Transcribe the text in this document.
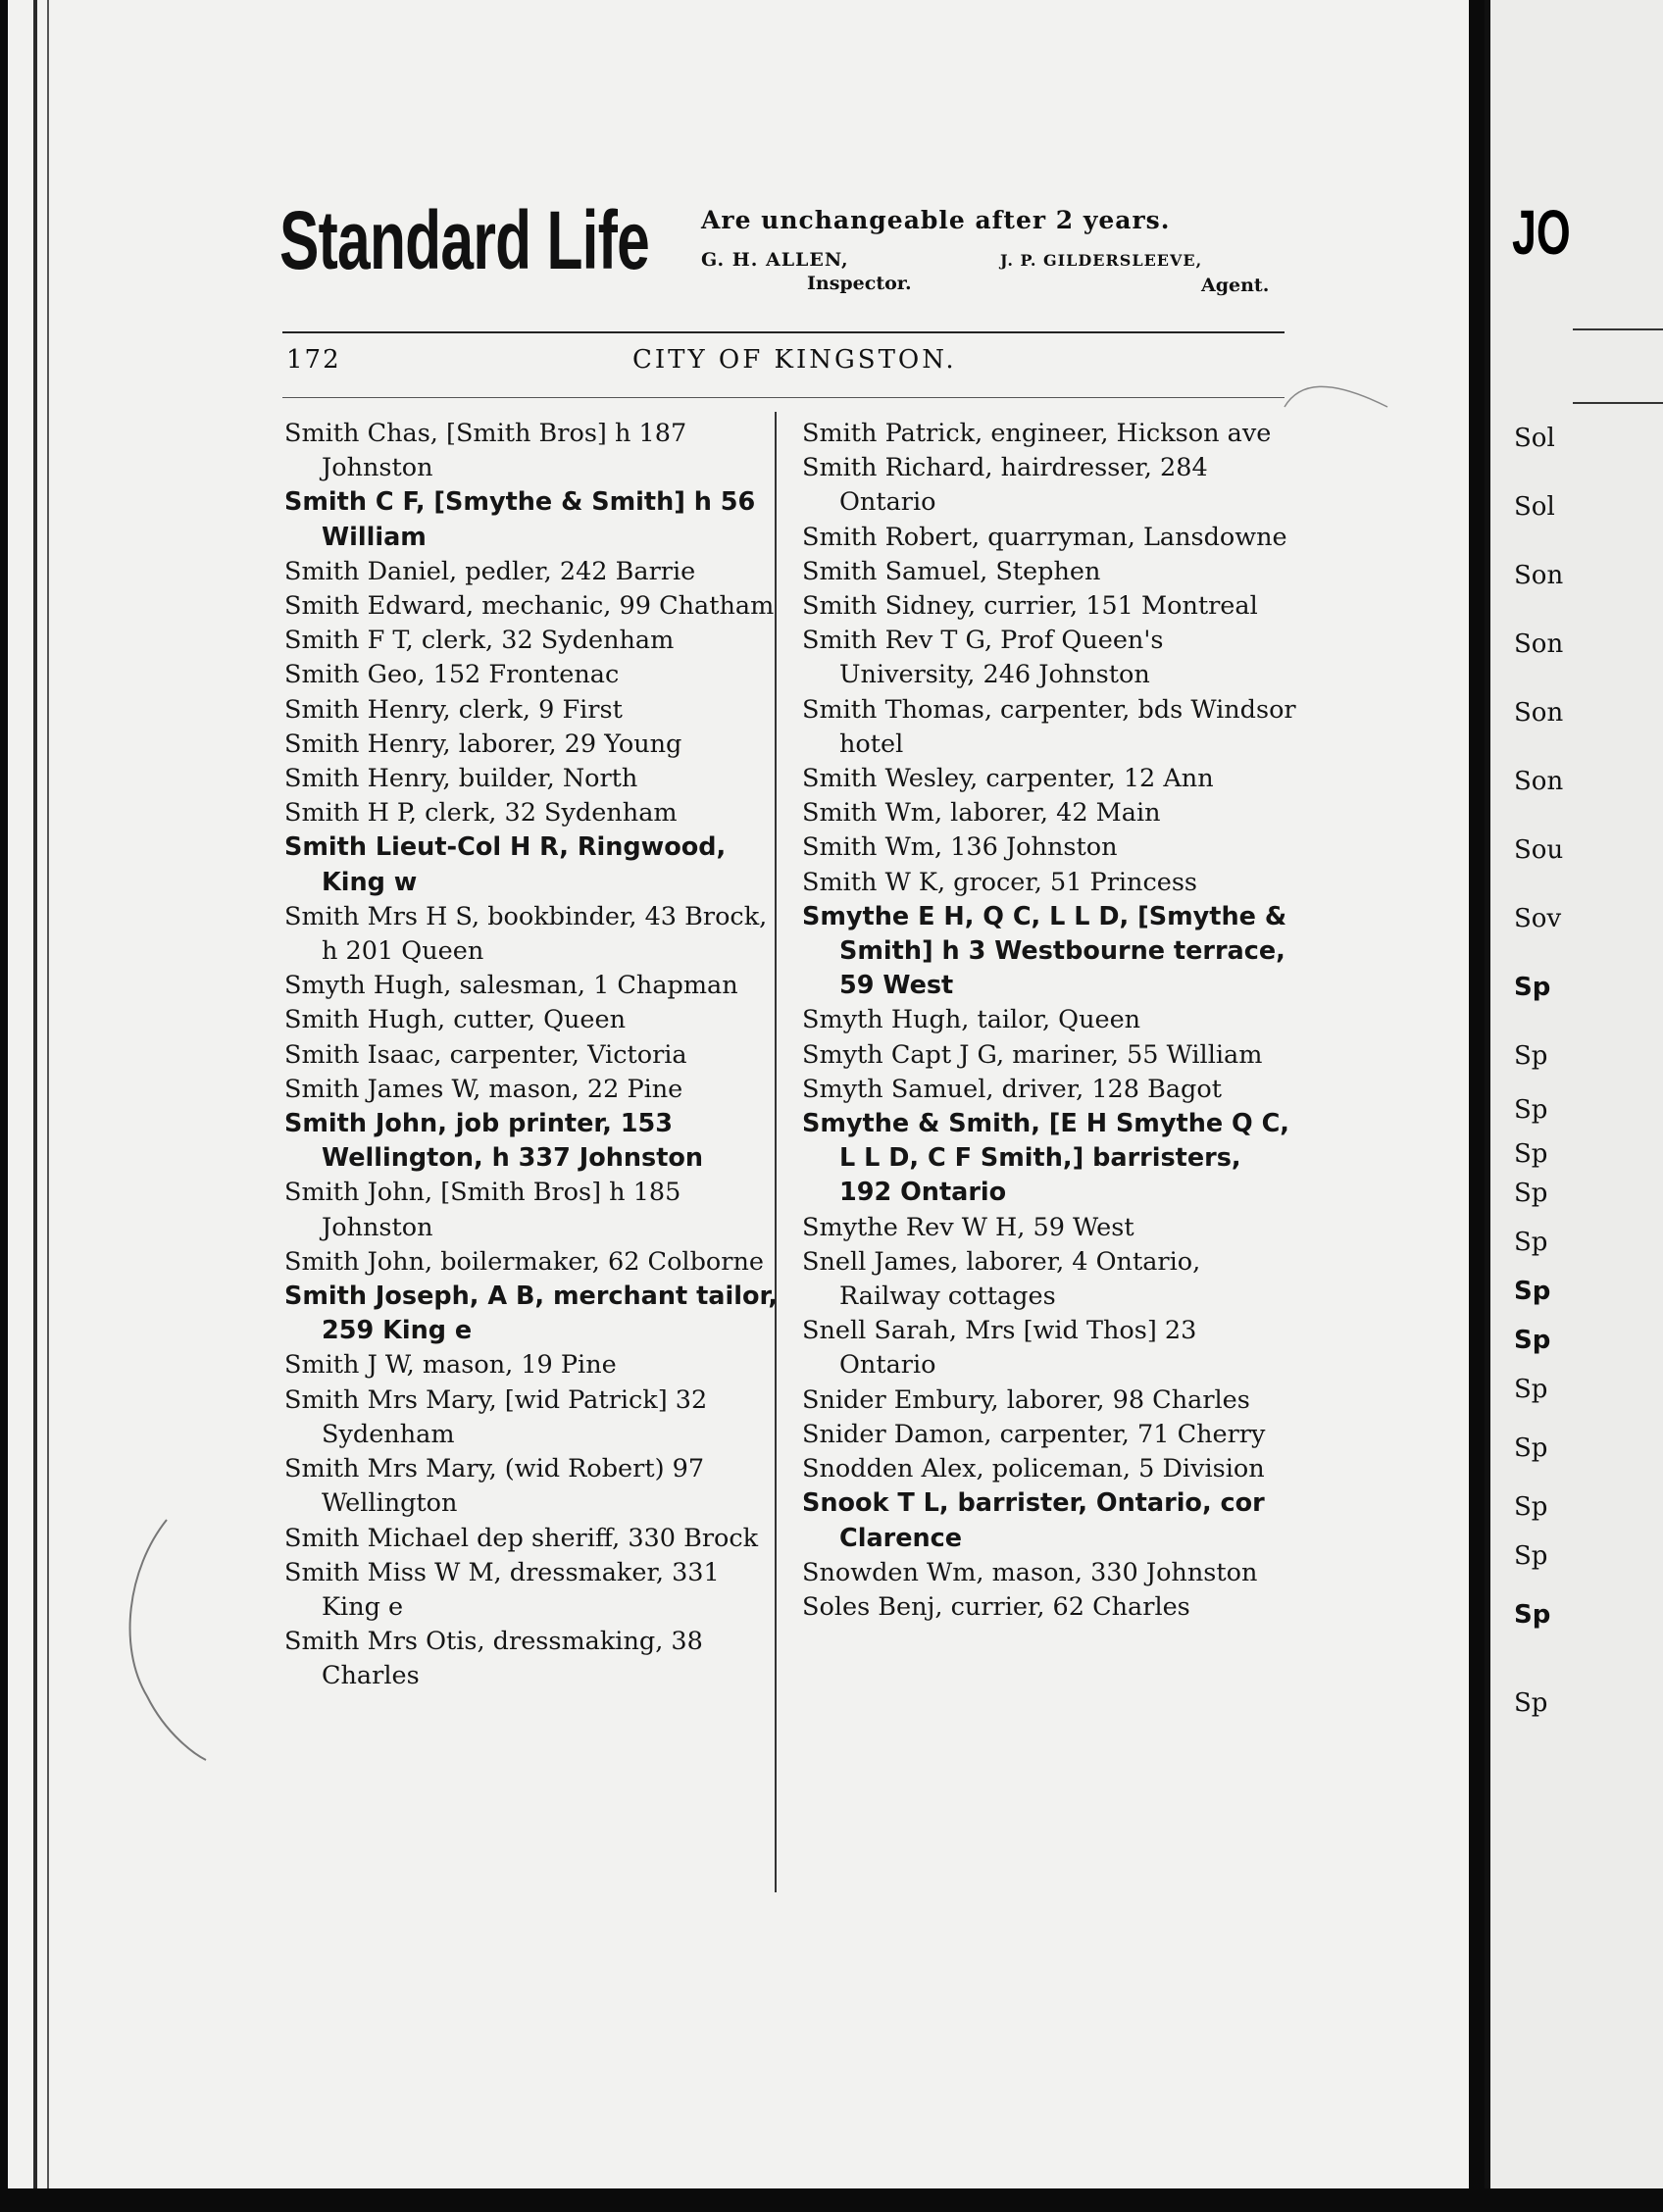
Standard Life Are unchangeable after 2 years.
G. H. ALLEN,
Inspector.
J. P. GILDERSLEEVE,
Agent.
172	CITY OF KINGSTON.

Smith Chas, [Smith Bros] h 187 Johnston

Smith C F, [Smythe & Smith] h 56 William

Smith Daniel, pedler, 242 Barrie

Smith Edward, mechanic, 99 Chatham

Smith F T, clerk, 32 Sydenham

Smith Geo, 152 Frontenac

Smith Henry, clerk, 9 First

Smith Henry, laborer, 29 Young

Smith Henry, builder, North

Smith H P, clerk, 32 Sydenham

Smith Lieut-Col H R, Ringwood, King w

Smith Mrs H S, bookbinder, 43 Brock, h 201 Queen

Smyth Hugh, salesman, 1 Chapman

Smith Hugh, cutter, Queen

Smith Isaac, carpenter, Victoria

Smith James W, mason, 22 Pine

Smith John, job printer, 153 Wellington, h 337 Johnston

Smith John, [Smith Bros] h 185 Johnston

Smith John, boilermaker, 62 Colborne

Smith Joseph, A B, merchant tailor, 259 King e

Smith J W, mason, 19 Pine

Smith Mrs Mary, [wid Patrick] 32 Sydenham

Smith Mrs Mary, (wid Robert) 97 Wellington

Smith Michael dep sheriff, 330 Brock

Smith Miss W M, dressmaker, 331 King e

Smith Mrs Otis, dressmaking, 38 Charles

Smith Patrick, engineer, Hickson ave

Smith Richard, hairdresser, 284 Ontario

Smith Robert, quarryman, Lansdowne

Smith Samuel, Stephen

Smith Sidney, currier, 151 Montreal

Smith Rev T G, Prof Queen's University, 246 Johnston

Smith Thomas, carpenter, bds Windsor hotel

Smith Wesley, carpenter, 12 Ann

Smith Wm, laborer, 42 Main

Smith Wm, 136 Johnston

Smith W K, grocer, 51 Princess

Smythe E H, Q C, L L D, [Smythe & Smith] h 3 Westbourne terrace, 59 West

Smyth Hugh, tailor, Queen

Smyth Capt J G, mariner, 55 William

Smyth Samuel, driver, 128 Bagot

Smythe & Smith, [E H Smythe Q C, L L D, C F Smith,] barristers, 192 Ontario

Smythe Rev W H, 59 West

Snell James, laborer, 4 Ontario, Railway cottages

Snell Sarah, Mrs [wid Thos] 23 Ontario

Snider Embury, laborer, 98 Charles

Snider Damon, carpenter, 71 Cherry

Snodden Alex, policeman, 5 Division

Snook T L, barrister, Ontario, cor Clarence

Snowden Wm, mason, 330 Johnston

Soles Benj, currier, 62 Charles

JO
Sol
Sol
Son
Son
Son
Son
Sou
Sov
Sp
Sp
Sp
Sp
Sp
Sp
Sp
Sp
Sp
Sp
Sp
Sp
Sp
Sp
